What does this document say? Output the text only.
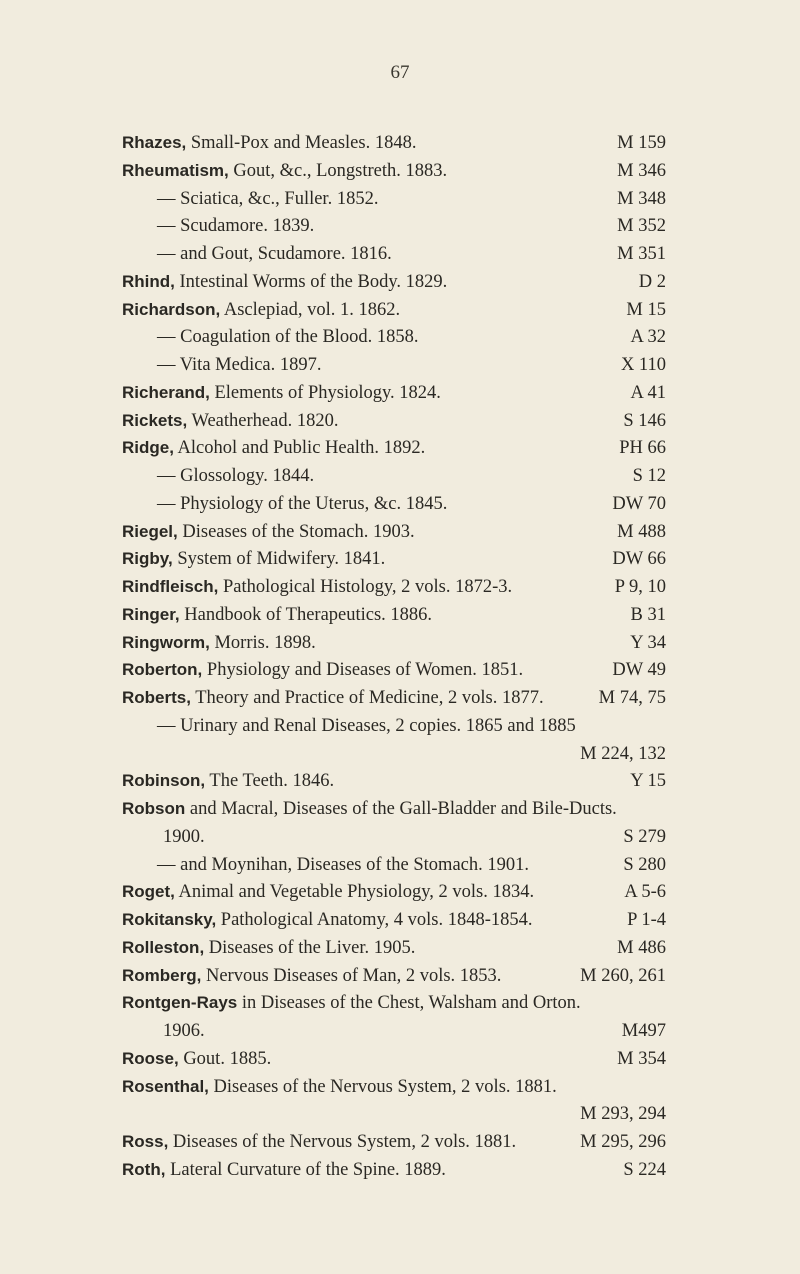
67
Rhazes, Small-Pox and Measles. 1848.	M 159
Rheumatism, Gout, &c., Longstreth. 1883.	M 346
— Sciatica, &c., Fuller. 1852.	M 348
— Scudamore. 1839.	M 352
— and Gout, Scudamore. 1816.	M 351
Rhind, Intestinal Worms of the Body. 1829.	D 2
Richardson, Asclepiad, vol. 1. 1862.	M 15
— Coagulation of the Blood. 1858.	A 32
— Vita Medica. 1897.	X 110
Richerand, Elements of Physiology. 1824.	A 41
Rickets, Weatherhead. 1820.	S 146
Ridge, Alcohol and Public Health. 1892.	PH 66
— Glossology. 1844.	S 12
— Physiology of the Uterus, &c. 1845.	DW 70
Riegel, Diseases of the Stomach. 1903.	M 488
Rigby, System of Midwifery. 1841.	DW 66
Rindfleisch, Pathological Histology, 2 vols. 1872-3.	P 9, 10
Ringer, Handbook of Therapeutics. 1886.	B 31
Ringworm, Morris. 1898.	Y 34
Roberton, Physiology and Diseases of Women. 1851.	DW 49
Roberts, Theory and Practice of Medicine, 2 vols. 1877.	M 74, 75
— Urinary and Renal Diseases, 2 copies. 1865 and 1885
M 224, 132
Robinson, The Teeth. 1846.	Y 15
Robson and Macral, Diseases of the Gall-Bladder and Bile-Ducts.
1900.	S 279
— and Moynihan, Diseases of the Stomach. 1901.	S 280
Roget, Animal and Vegetable Physiology, 2 vols. 1834.	A 5-6
Rokitansky, Pathological Anatomy, 4 vols. 1848-1854.	P 1-4
Rolleston, Diseases of the Liver. 1905.	M 486
Romberg, Nervous Diseases of Man, 2 vols. 1853.	M 260, 261
Rontgen-Rays in Diseases of the Chest, Walsham and Orton.
1906.	M497
Roose, Gout. 1885.	M 354
Rosenthal, Diseases of the Nervous System, 2 vols. 1881.
M 293, 294
Ross, Diseases of the Nervous System, 2 vols. 1881.	M 295, 296
Roth, Lateral Curvature of the Spine. 1889.	S 224
